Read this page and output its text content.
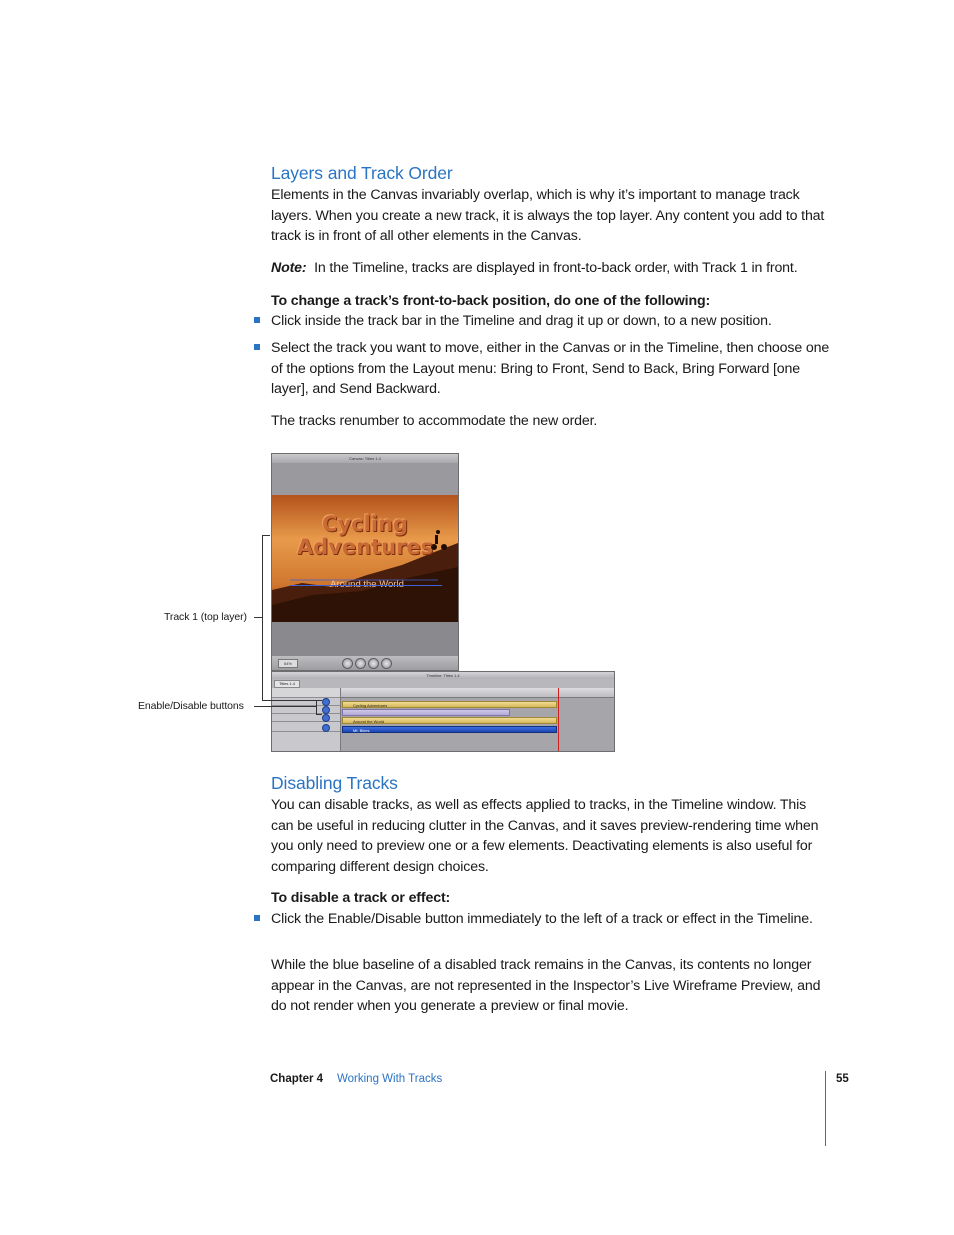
Layers and Track Order

Elements in the Canvas invariably overlap, which is why it’s important to manage track layers. When you create a new track, it is always the top layer. Any content you add to that track is in front of all other elements in the Canvas.

Note: In the Timeline, tracks are displayed in front-to-back order, with Track 1 in front.

To change a track’s front-to-back position, do one of the following:

Click inside the track bar in the Timeline and drag it up or down, to a new position.

Select the track you want to move, either in the Canvas or in the Timeline, then choose one of the options from the Layout menu: Bring to Front, Send to Back, Bring Forward [one layer], and Send Backward.

The tracks renumber to accommodate the new order.

Canvas: Titles 1.4
Cycling
Adventures
64%
Timeline: Titles 1.4
Titles 1.4
Cycling Adventures
Around the World
Mt. Bikes
Track 1 (top layer)
Enable/Disable buttons
Disabling Tracks

You can disable tracks, as well as effects applied to tracks, in the Timeline window. This can be useful in reducing clutter in the Canvas, and it saves preview-rendering time when you only need to preview one or a few elements. Deactivating elements is also useful for comparing different design choices.

To disable a track or effect:

Click the Enable/Disable button immediately to the left of a track or effect in the Timeline.

While the blue baseline of a disabled track remains in the Canvas, its contents no longer appear in the Canvas, are not represented in the Inspector’s Live Wireframe Preview, and do not render when you generate a preview or final movie.

Chapter 4 Working With Tracks	55
